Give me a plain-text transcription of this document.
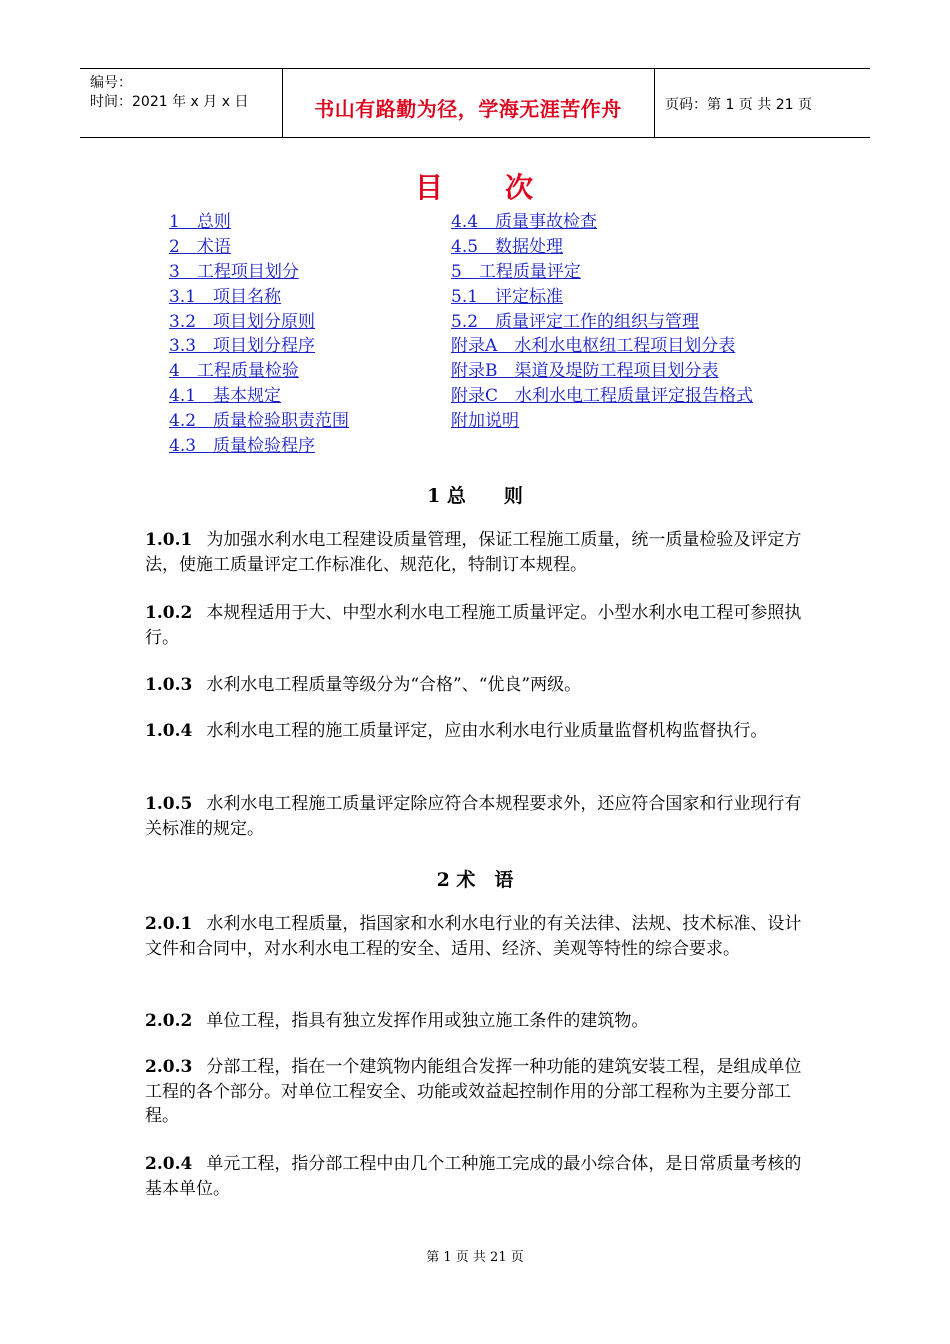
编号：
时间：2021 年 x 月 x 日	书山有路勤为径，学海无涯苦作舟	页码：第 1 页 共 21 页
目　　次
1　总则
2　术语
3　工程项目划分
3.1　项目名称
3.2　项目划分原则
3.3　项目划分程序
4　工程质量检验
4.1　基本规定
4.2　质量检验职责范围
4.3　质量检验程序
4.4　质量事故检查
4.5　数据处理
5　工程质量评定
5.1　评定标准
5.2　质量评定工作的组织与管理
附录A　水利水电枢纽工程项目划分表
附录B　渠道及堤防工程项目划分表
附录C　水利水电工程质量评定报告格式
附加说明
1 总　　则
1.0.1 为加强水利水电工程建设质量管理，保证工程施工质量，统一质量检验及评定方法，使施工质量评定工作标准化、规范化，特制订本规程。
1.0.2 本规程适用于大、中型水利水电工程施工质量评定。小型水利水电工程可参照执行。
1.0.3 水利水电工程质量等级分为“合格”、“优良”两级。
1.0.4 水利水电工程的施工质量评定，应由水利水电行业质量监督机构监督执行。
1.0.5 水利水电工程施工质量评定除应符合本规程要求外，还应符合国家和行业现行有关标准的规定。
2 术　语
2.0.1 水利水电工程质量，指国家和水利水电行业的有关法律、法规、技术标准、设计文件和合同中，对水利水电工程的安全、适用、经济、美观等特性的综合要求。
2.0.2 单位工程，指具有独立发挥作用或独立施工条件的建筑物。
2.0.3 分部工程，指在一个建筑物内能组合发挥一种功能的建筑安装工程，是组成单位工程的各个部分。对单位工程安全、功能或效益起控制作用的分部工程称为主要分部工程。
2.0.4 单元工程，指分部工程中由几个工种施工完成的最小综合体，是日常质量考核的基本单位。
第 1 页 共 21 页
